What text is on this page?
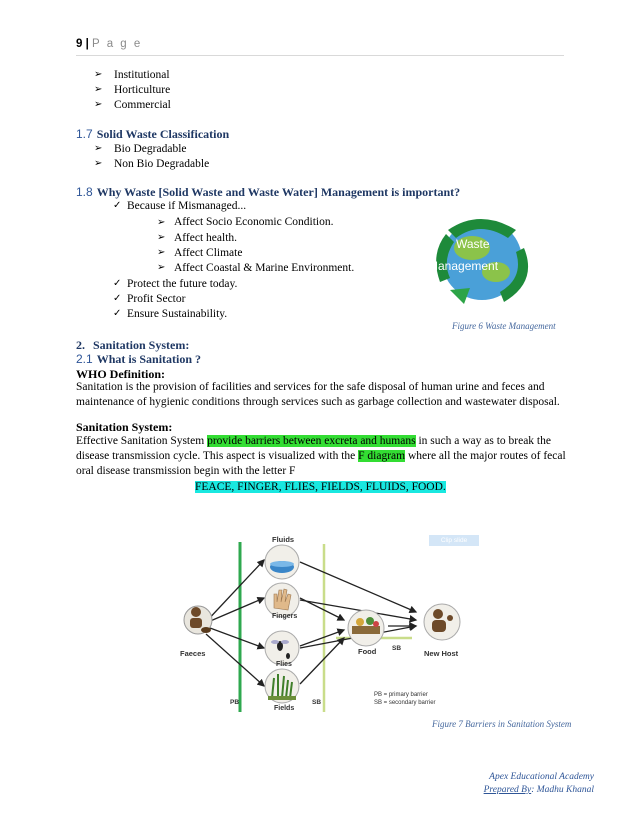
9 | P a g e
➢	Institutional
➢	Horticulture
➢	Commercial
1.7 Solid Waste Classification
➢	Bio Degradable
➢	Non Bio Degradable
1.8 Why Waste [Solid Waste and Waste Water] Management is important?
✓ Because if Mismanaged...
➢ Affect Socio Economic Condition.
➢ Affect health.
➢ Affect Climate
➢ Affect Coastal & Marine Environment.
✓ Protect the future today.
✓ Profit Sector
✓ Ensure Sustainability.
Waste
Management
Figure 6 Waste Management
2. Sanitation System:
2.1 What is Sanitation ?
WHO Definition:
Sanitation is the provision of facilities and services for the safe disposal of human urine and feces and maintenance of hygienic conditions through services such as garbage collection and wastewater disposal.
Sanitation System:
Effective Sanitation System provide barriers between excreta and humans in such a way as to break the disease transmission cycle. This aspect is visualized with the F diagram where all the major routes of fecal oral disease transmission begin with the letter F
FEACE, FINGER, FLIES, FIELDS, FLUIDS, FOOD.
Faeces
Fluids
Fingers
Flies
Fields
Food	New Host
PB	SB
SB
PB = primary barrier
SB = secondary barrier
Clip slide
Figure 7 Barriers in Sanitation System
Apex Educational Academy
Prepared By: Madhu Khanal
